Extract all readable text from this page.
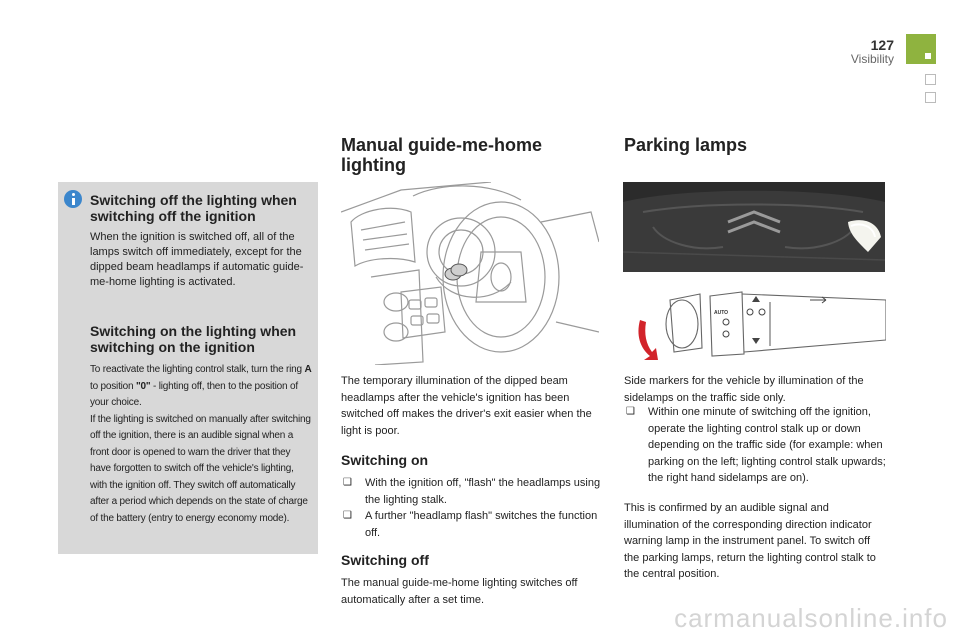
127
Visibility
Switching off the lighting when switching off the ignition
When the ignition is switched off, all of the lamps switch off immediately, except for the dipped beam headlamps if automatic guide-me-home lighting is activated.
Switching on the lighting when switching on the ignition
To reactivate the lighting control stalk, turn the ring A to position "0" - lighting off, then to the position of your choice.
If the lighting is switched on manually after switching off the ignition, there is an audible signal when a front door is opened to warn the driver that they have forgotten to switch off the vehicle's lighting, with the ignition off. They switch off automatically after a period which depends on the state of charge of the battery (entry to energy economy mode).
Manual guide-me-home lighting
The temporary illumination of the dipped beam headlamps after the vehicle's ignition has been switched off makes the driver's exit easier when the light is poor.
Switching on
❑ With the ignition off, "flash" the headlamps using the lighting stalk.
❑ A further "headlamp flash" switches the function off.
Switching off
The manual guide-me-home lighting switches off automatically after a set time.
Parking lamps
AUTO
Side markers for the vehicle by illumination of the sidelamps on the traffic side only.
❑ Within one minute of switching off the ignition, operate the lighting control stalk up or down depending on the traffic side (for example: when parking on the left; lighting control stalk upwards; the right hand sidelamps are on).
This is confirmed by an audible signal and illumination of the corresponding direction indicator warning lamp in the instrument panel. To switch off the parking lamps, return the lighting control stalk to the central position.
carmanualsonline.info
